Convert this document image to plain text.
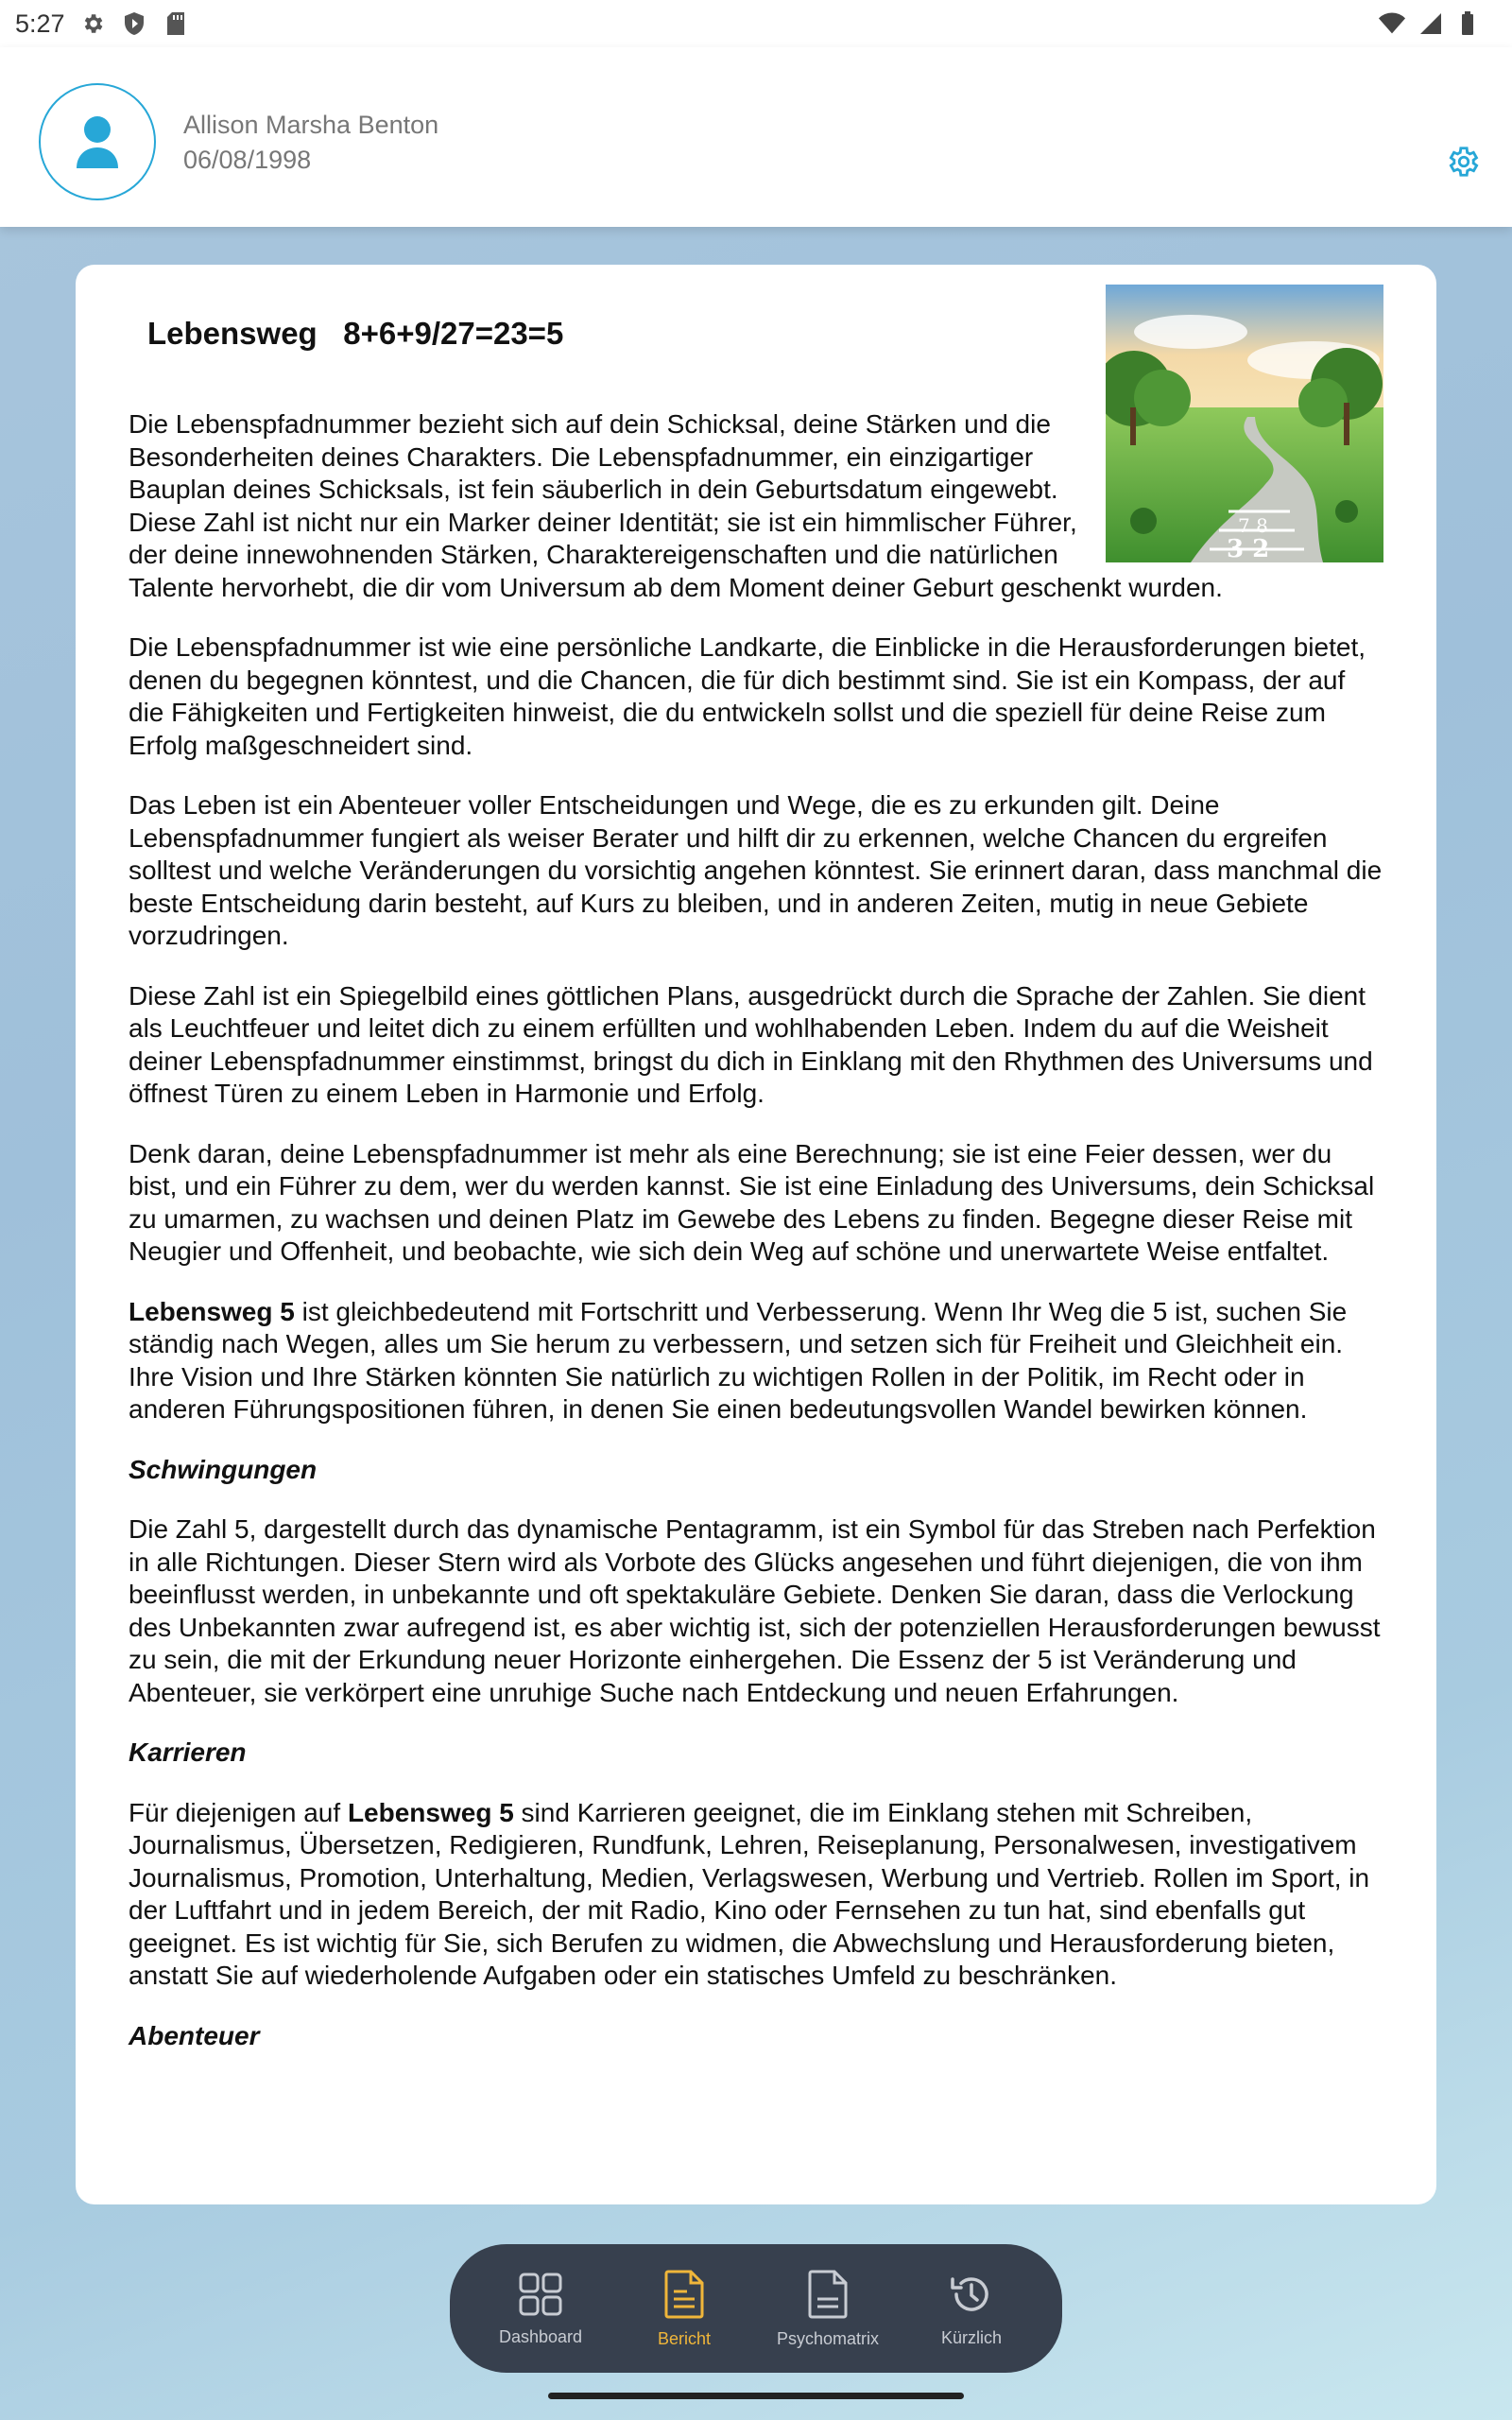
5:27
Allison Marsha Benton
06/08/1998
3 2
7 8
Lebensweg   8+6+9/27=23=5

Die Lebenspfadnummer bezieht sich auf dein Schicksal, deine Stärken und die Besonderheiten deines Charakters. Die Lebenspfadnummer, ein einzigartiger Bauplan deines Schicksals, ist fein säuberlich in dein Geburtsdatum eingewebt. Diese Zahl ist nicht nur ein Marker deiner Identität; sie ist ein himmlischer Führer, der deine innewohnenden Stärken, Charaktereigenschaften und die natürlichen Talente hervorhebt, die dir vom Universum ab dem Moment deiner Geburt geschenkt wurden.

Die Lebenspfadnummer ist wie eine persönliche Landkarte, die Einblicke in die Herausforderungen bietet, denen du begegnen könntest, und die Chancen, die für dich bestimmt sind. Sie ist ein Kompass, der auf die Fähigkeiten und Fertigkeiten hinweist, die du entwickeln sollst und die speziell für deine Reise zum Erfolg maßgeschneidert sind.

Das Leben ist ein Abenteuer voller Entscheidungen und Wege, die es zu erkunden gilt. Deine Lebenspfadnummer fungiert als weiser Berater und hilft dir zu erkennen, welche Chancen du ergreifen solltest und welche Veränderungen du vorsichtig angehen könntest. Sie erinnert daran, dass manchmal die beste Entscheidung darin besteht, auf Kurs zu bleiben, und in anderen Zeiten, mutig in neue Gebiete vorzudringen.

Diese Zahl ist ein Spiegelbild eines göttlichen Plans, ausgedrückt durch die Sprache der Zahlen. Sie dient als Leuchtfeuer und leitet dich zu einem erfüllten und wohlhabenden Leben. Indem du auf die Weisheit deiner Lebenspfadnummer einstimmst, bringst du dich in Einklang mit den Rhythmen des Universums und öffnest Türen zu einem Leben in Harmonie und Erfolg.

Denk daran, deine Lebenspfadnummer ist mehr als eine Berechnung; sie ist eine Feier dessen, wer du bist, und ein Führer zu dem, wer du werden kannst. Sie ist eine Einladung des Universums, dein Schicksal zu umarmen, zu wachsen und deinen Platz im Gewebe des Lebens zu finden. Begegne dieser Reise mit Neugier und Offenheit, und beobachte, wie sich dein Weg auf schöne und unerwartete Weise entfaltet.

Lebensweg 5 ist gleichbedeutend mit Fortschritt und Verbesserung. Wenn Ihr Weg die 5 ist, suchen Sie ständig nach Wegen, alles um Sie herum zu verbessern, und setzen sich für Freiheit und Gleichheit ein. Ihre Vision und Ihre Stärken könnten Sie natürlich zu wichtigen Rollen in der Politik, im Recht oder in anderen Führungspositionen führen, in denen Sie einen bedeutungsvollen Wandel bewirken können.

Schwingungen

Die Zahl 5, dargestellt durch das dynamische Pentagramm, ist ein Symbol für das Streben nach Perfektion in alle Richtungen. Dieser Stern wird als Vorbote des Glücks angesehen und führt diejenigen, die von ihm beeinflusst werden, in unbekannte und oft spektakuläre Gebiete. Denken Sie daran, dass die Verlockung des Unbekannten zwar aufregend ist, es aber wichtig ist, sich der potenziellen Herausforderungen bewusst zu sein, die mit der Erkundung neuer Horizonte einhergehen. Die Essenz der 5 ist Veränderung und Abenteuer, sie verkörpert eine unruhige Suche nach Entdeckung und neuen Erfahrungen.

Karrieren

Für diejenigen auf Lebensweg 5 sind Karrieren geeignet, die im Einklang stehen mit Schreiben, Journalismus, Übersetzen, Redigieren, Rundfunk, Lehren, Reiseplanung, Personalwesen, investigativem Journalismus, Promotion, Unterhaltung, Medien, Verlagswesen, Werbung und Vertrieb. Rollen im Sport, in der Luftfahrt und in jedem Bereich, der mit Radio, Kino oder Fernsehen zu tun hat, sind ebenfalls gut geeignet. Es ist wichtig für Sie, sich Berufen zu widmen, die Abwechslung und Herausforderung bieten, anstatt Sie auf wiederholende Aufgaben oder ein statisches Umfeld zu beschränken.

Abenteuer

Dashboard	Bericht	Psychomatrix	Kürzlich
